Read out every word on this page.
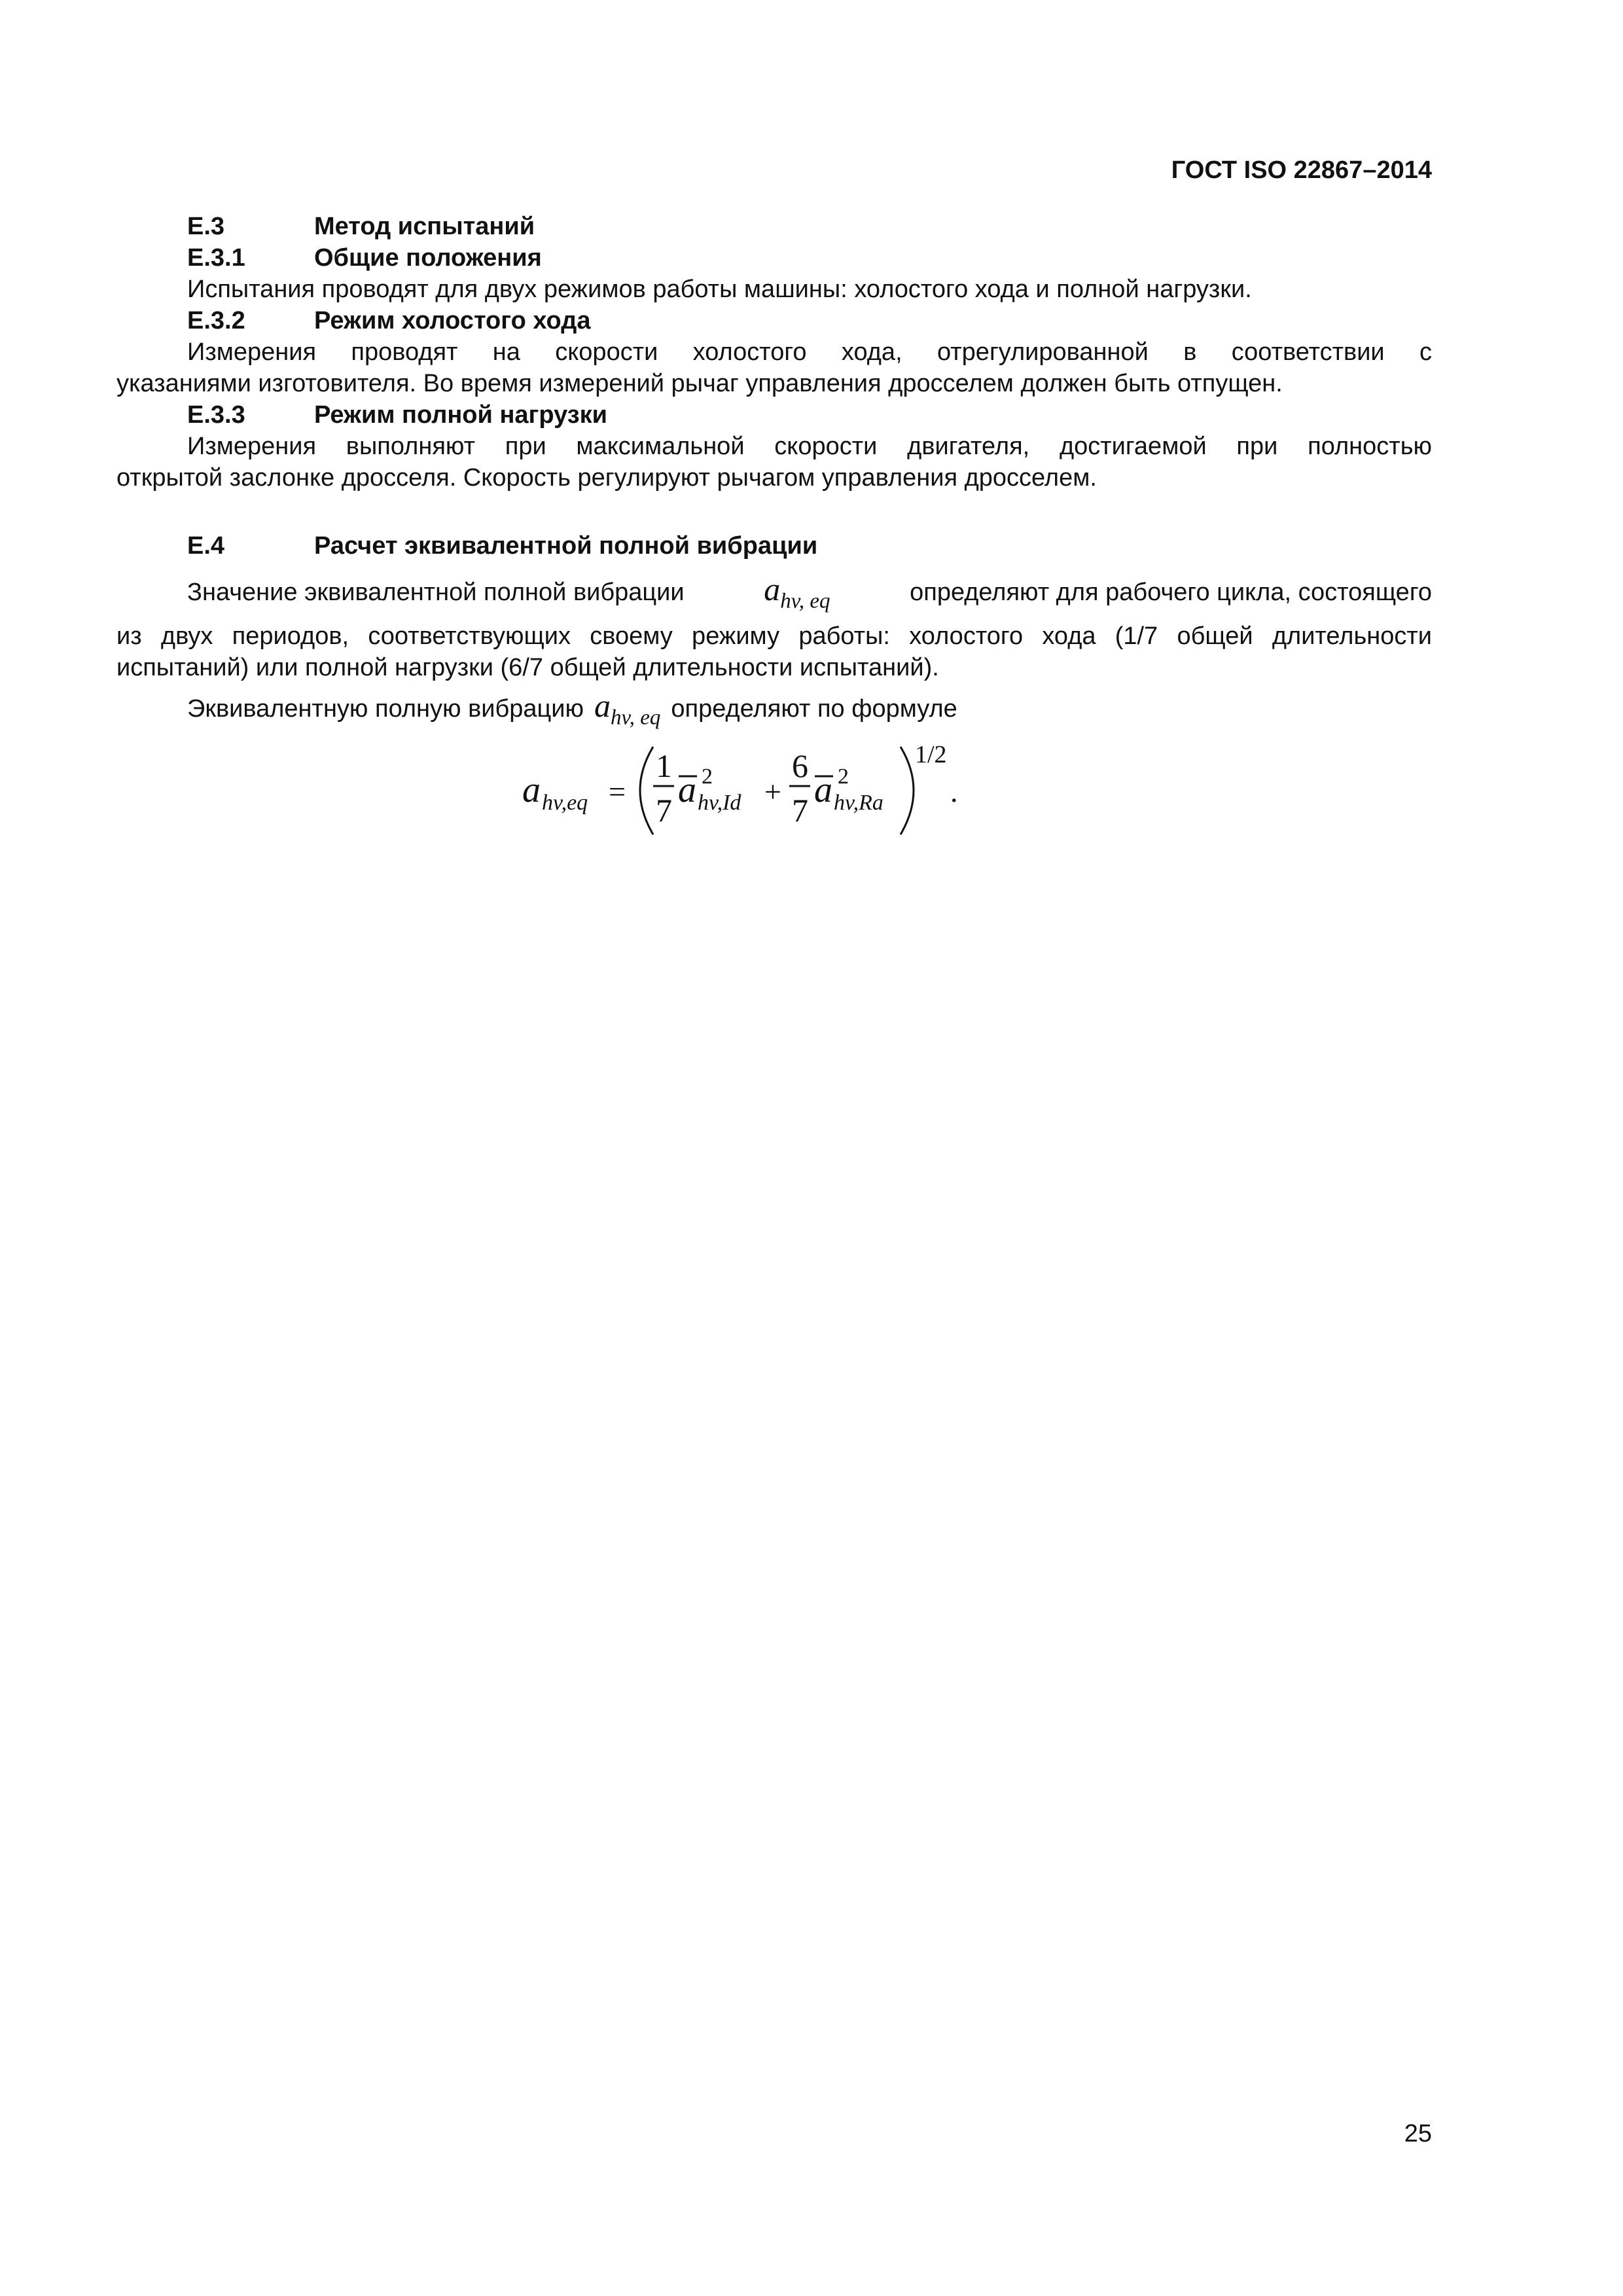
ГОСТ ISO 22867–2014
E.3	Метод испытаний
E.3.1	Общие положения
Испытания проводят для двух режимов работы машины: холостого хода и полной нагрузки.
E.3.2	Режим холостого хода
Измерения проводят на скорости холостого хода, отрегулированной в соответствии с
указаниями изготовителя. Во время измерений рычаг управления дросселем должен быть отпущен.
E.3.3	Режим полной нагрузки
Измерения выполняют при максимальной скорости двигателя, достигаемой при полностью
открытой заслонке дросселя. Скорость регулируют рычагом управления дросселем.
E.4	Расчет эквивалентной полной вибрации
Значение эквивалентной полной вибрации $a_{hv, eq}$	определяют для рабочего цикла, состоящего
из двух периодов, соответствующих своему режиму работы: холостого хода (1/7 общей длительности
испытаний) или полной нагрузки (6/7 общей длительности испытаний).
Эквивалентную полную вибрацию $a_{hv, eq}$ определяют по формуле
a hv,eq =
1
7 a 2
hv,Id +
6
7 a 2
hv,Ra
1/2
.
25
